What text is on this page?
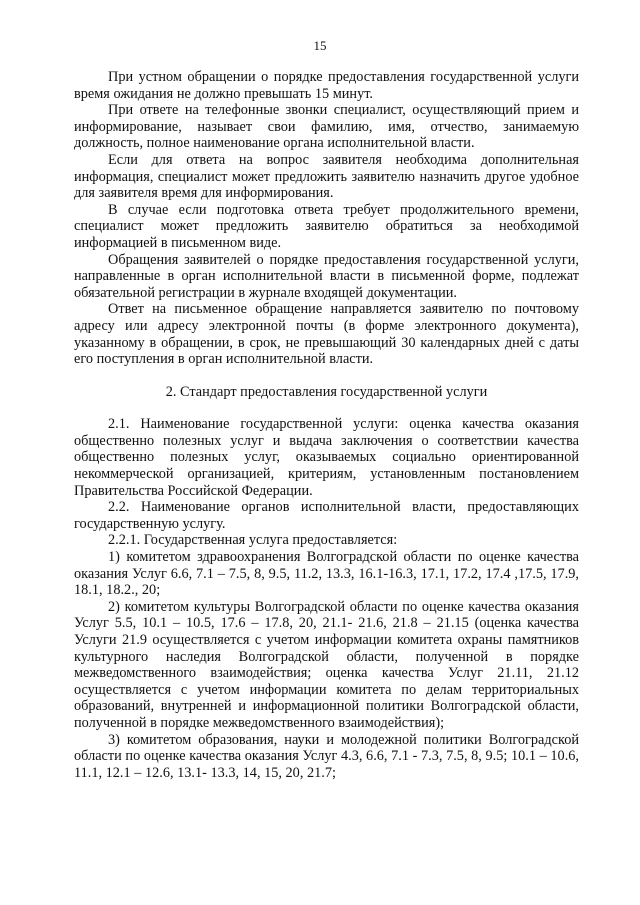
15

При устном обращении о порядке предоставления государственной услуги время ожидания не должно превышать 15 минут.

При ответе на телефонные звонки специалист, осуществляющий прием и информирование, называет свои фамилию, имя, отчество, занимаемую должность, полное наименование органа исполнительной власти.

Если для ответа на вопрос заявителя необходима дополнительная информация, специалист может предложить заявителю назначить другое удобное для заявителя время для информирования.

В случае если подготовка ответа требует продолжительного времени, специалист может предложить заявителю обратиться за необходимой информацией в письменном виде.

Обращения заявителей о порядке предоставления государственной услуги, направленные в орган исполнительной власти в письменной форме, подлежат обязательной регистрации в журнале входящей документации.

Ответ на письменное обращение направляется заявителю по почтовому адресу или адресу электронной почты (в форме электронного документа), указанному в обращении, в срок, не превышающий 30 календарных дней с даты его поступления в орган исполнительной власти.

2. Стандарт предоставления государственной услуги

2.1. Наименование государственной услуги: оценка качества оказания общественно полезных услуг и выдача заключения о соответствии качества общественно полезных услуг, оказываемых социально ориентированной некоммерческой организацией, критериям, установленным постановлением Правительства Российской Федерации.

2.2. Наименование органов исполнительной власти, предоставляющих государственную услугу.

2.2.1. Государственная услуга предоставляется:

1) комитетом здравоохранения Волгоградской области по оценке качества оказания Услуг 6.6, 7.1 – 7.5, 8, 9.5, 11.2, 13.3, 16.1-16.3, 17.1, 17.2, 17.4 ,17.5, 17.9, 18.1, 18.2., 20;

2) комитетом культуры Волгоградской области по оценке качества оказания Услуг 5.5, 10.1 – 10.5, 17.6 – 17.8, 20, 21.1- 21.6, 21.8 – 21.15 (оценка качества Услуги 21.9 осуществляется с учетом информации комитета охраны памятников культурного наследия Волгоградской области, полученной в порядке межведомственного взаимодействия; оценка качества Услуг 21.11, 21.12 осуществляется с учетом информации комитета по делам территориальных образований, внутренней и информационной политики Волгоградской области, полученной в порядке межведомственного взаимодействия);

3) комитетом образования, науки и молодежной политики Волгоградской области по оценке качества оказания Услуг 4.3, 6.6, 7.1 - 7.3, 7.5, 8, 9.5; 10.1 – 10.6, 11.1, 12.1 – 12.6, 13.1- 13.3, 14, 15, 20, 21.7;
